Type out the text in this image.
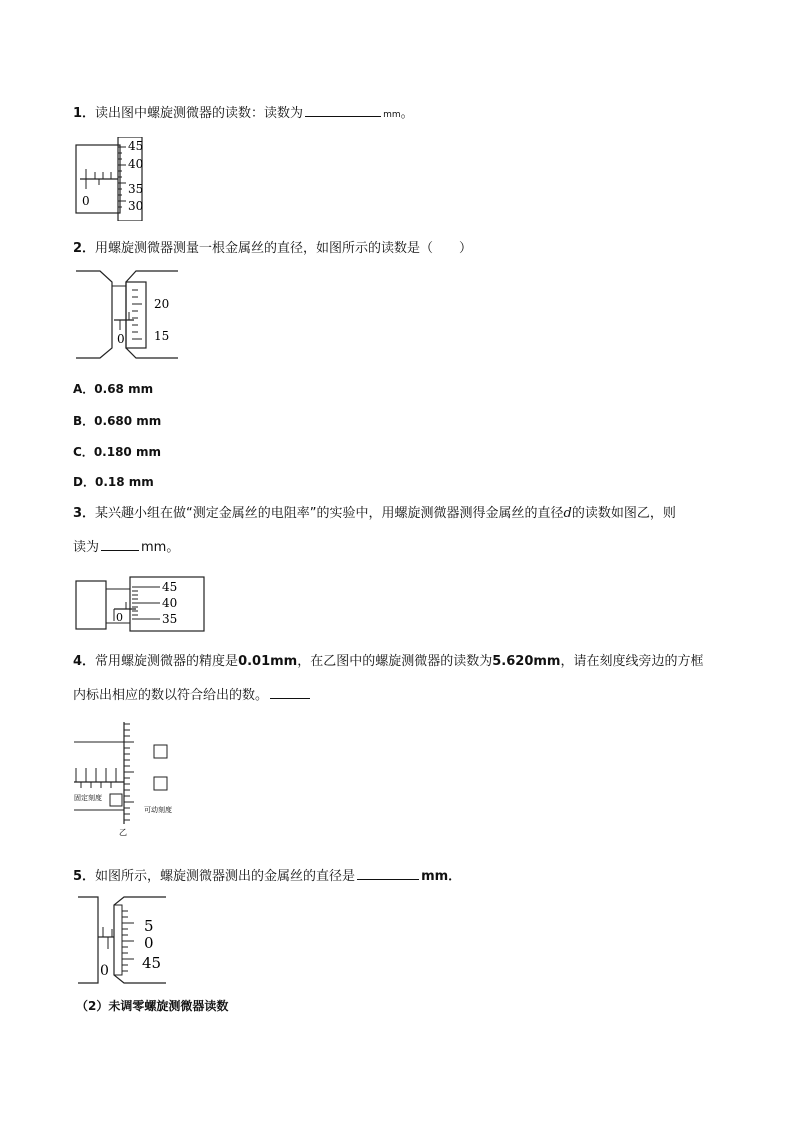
1．读出图中螺旋测微器的读数：读数为	mm。
45
40
35
30
0
2．用螺旋测微器测量一根金属丝的直径，如图所示的读数是（　　）
20
15
0
A．0.68 mm
B．0.680 mm
C．0.180 mm
D．0.18 mm
3．某兴趣小组在做“测定金属丝的电阻率”的实验中，用螺旋测微器测得金属丝的直径d的读数如图乙，则
读为	mm。
45
40
35
0
4．常用螺旋测微器的精度是0.01mm，在乙图中的螺旋测微器的读数为5.620mm，请在刻度线旁边的方框
内标出相应的数以符合给出的数。
固定刻度
可动刻度
乙
5．如图所示，螺旋测微器测出的金属丝的直径是	mm．
5
0
45
0
（2）未调零螺旋测微器读数
